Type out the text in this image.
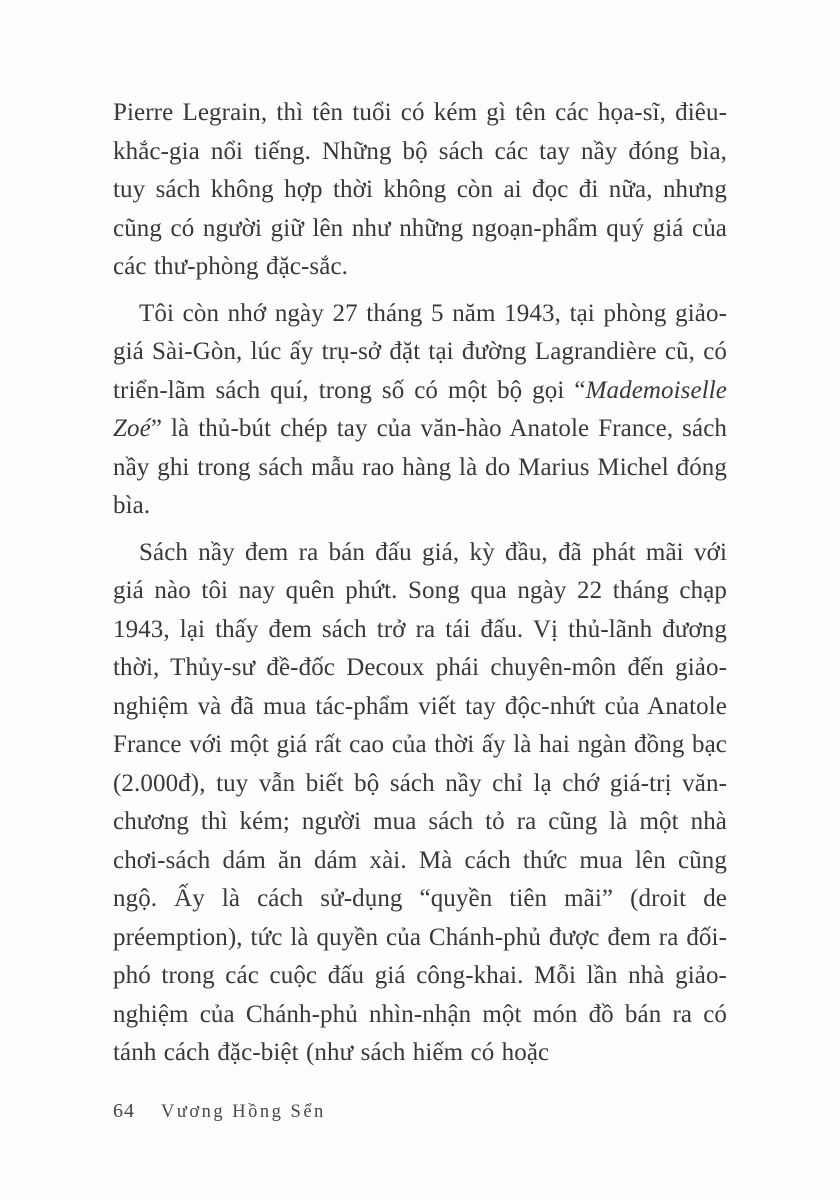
Pierre Legrain, thì tên tuổi có kém gì tên các họa-sĩ, điêu-khắc-gia nổi tiếng. Những bộ sách các tay nầy đóng bìa, tuy sách không hợp thời không còn ai đọc đi nữa, nhưng cũng có người giữ lên như những ngoạn-phẩm quý giá của các thư-phòng đặc-sắc.

Tôi còn nhớ ngày 27 tháng 5 năm 1943, tại phòng giảo-giá Sài-Gòn, lúc ấy trụ-sở đặt tại đường Lagrandière cũ, có triển-lãm sách quí, trong số có một bộ gọi “Mademoiselle Zoé” là thủ-bút chép tay của văn-hào Anatole France, sách nầy ghi trong sách mẫu rao hàng là do Marius Michel đóng bìa.

Sách nầy đem ra bán đấu giá, kỳ đầu, đã phát mãi với giá nào tôi nay quên phứt. Song qua ngày 22 tháng chạp 1943, lại thấy đem sách trở ra tái đấu. Vị thủ-lãnh đương thời, Thủy-sư đề-đốc Decoux phái chuyên-môn đến giảo-nghiệm và đã mua tác-phẩm viết tay độc-nhứt của Anatole France với một giá rất cao của thời ấy là hai ngàn đồng bạc (2.000đ), tuy vẫn biết bộ sách nầy chỉ lạ chớ giá-trị văn-chương thì kém; người mua sách tỏ ra cũng là một nhà chơi-sách dám ăn dám xài. Mà cách thức mua lên cũng ngộ. Ấy là cách sử-dụng “quyền tiên mãi” (droit de préemption), tức là quyền của Chánh-phủ được đem ra đối-phó trong các cuộc đấu giá công-khai. Mỗi lần nhà giảo-nghiệm của Chánh-phủ nhìn-nhận một món đồ bán ra có tánh cách đặc-biệt (như sách hiếm có hoặc

64 Vương Hồng Sển
